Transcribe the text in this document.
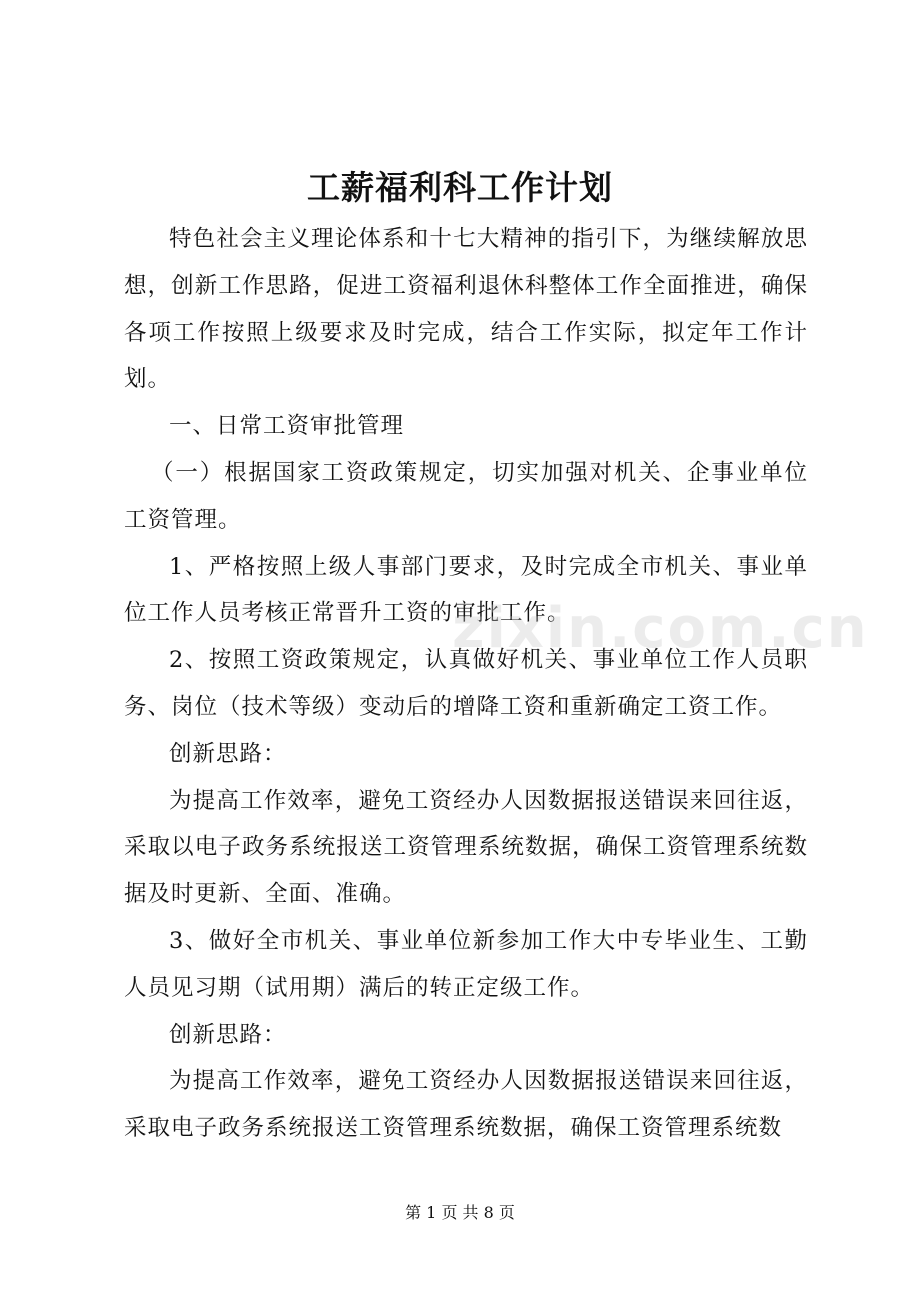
工薪福利科工作计划

特色社会主义理论体系和十七大精神的指引下，为继续解放思想，创新工作思路，促进工资福利退休科整体工作全面推进，确保各项工作按照上级要求及时完成，结合工作实际，拟定年工作计划。

一、日常工资审批管理

（一）根据国家工资政策规定，切实加强对机关、企事业单位工资管理。

1、严格按照上级人事部门要求，及时完成全市机关、事业单位工作人员考核正常晋升工资的审批工作。

2、按照工资政策规定，认真做好机关、事业单位工作人员职务、岗位（技术等级）变动后的增降工资和重新确定工资工作。

创新思路：

为提高工作效率，避免工资经办人因数据报送错误来回往返，采取以电子政务系统报送工资管理系统数据，确保工资管理系统数据及时更新、全面、准确。

3、做好全市机关、事业单位新参加工作大中专毕业生、工勤人员见习期（试用期）满后的转正定级工作。

创新思路：

为提高工作效率，避免工资经办人因数据报送错误来回往返，采取电子政务系统报送工资管理系统数据，确保工资管理系统数

zixin.com.cn
第 1 页 共 8 页
